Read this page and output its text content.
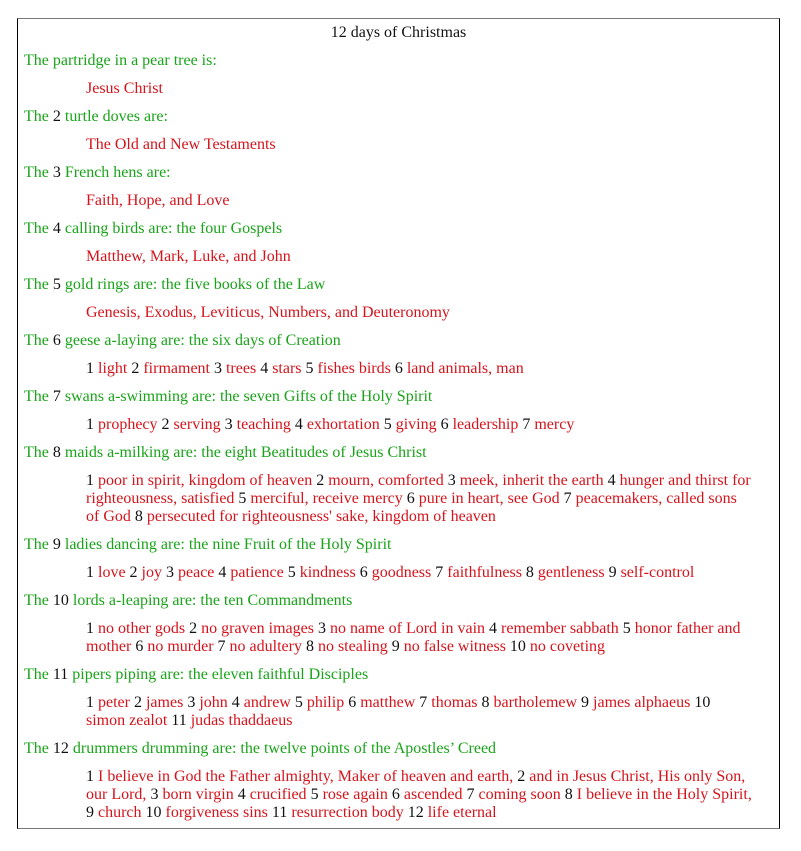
12 days of Christmas
The partridge in a pear tree is:
Jesus Christ
The 2 turtle doves are:
The Old and New Testaments
The 3 French hens are:
Faith, Hope, and Love
The 4 calling birds are: the four Gospels
Matthew, Mark, Luke, and John
The 5 gold rings are: the five books of the Law
Genesis, Exodus, Leviticus, Numbers, and Deuteronomy
The 6 geese a-laying are: the six days of Creation
1 light 2 firmament 3 trees 4 stars 5 fishes birds 6 land animals, man
The 7 swans a-swimming are: the seven Gifts of the Holy Spirit
1 prophecy 2 serving 3 teaching 4 exhortation 5 giving 6 leadership 7 mercy
The 8 maids a-milking are: the eight Beatitudes of Jesus Christ
1 poor in spirit, kingdom of heaven 2 mourn, comforted 3 meek, inherit the earth 4 hunger and thirst for righteousness, satisfied 5 merciful, receive mercy 6 pure in heart, see God 7 peacemakers, called sons of God 8 persecuted for righteousness' sake, kingdom of heaven
The 9 ladies dancing are: the nine Fruit of the Holy Spirit
1 love 2 joy 3 peace 4 patience 5 kindness 6 goodness 7 faithfulness 8 gentleness 9 self-control
The 10 lords a-leaping are: the ten Commandments
1 no other gods 2 no graven images 3 no name of Lord in vain 4 remember sabbath 5 honor father and mother 6 no murder 7 no adultery 8 no stealing 9 no false witness 10 no coveting
The 11 pipers piping are: the eleven faithful Disciples
1 peter 2 james 3 john 4 andrew 5 philip 6 matthew 7 thomas 8 bartholemew 9 james alphaeus 10 simon zealot 11 judas thaddaeus
The 12 drummers drumming are: the twelve points of the Apostles’ Creed
1 I believe in God the Father almighty, Maker of heaven and earth, 2 and in Jesus Christ, His only Son, our Lord, 3 born virgin 4 crucified 5 rose again 6 ascended 7 coming soon 8 I believe in the Holy Spirit, 9 church 10 forgiveness sins 11 resurrection body 12 life eternal
